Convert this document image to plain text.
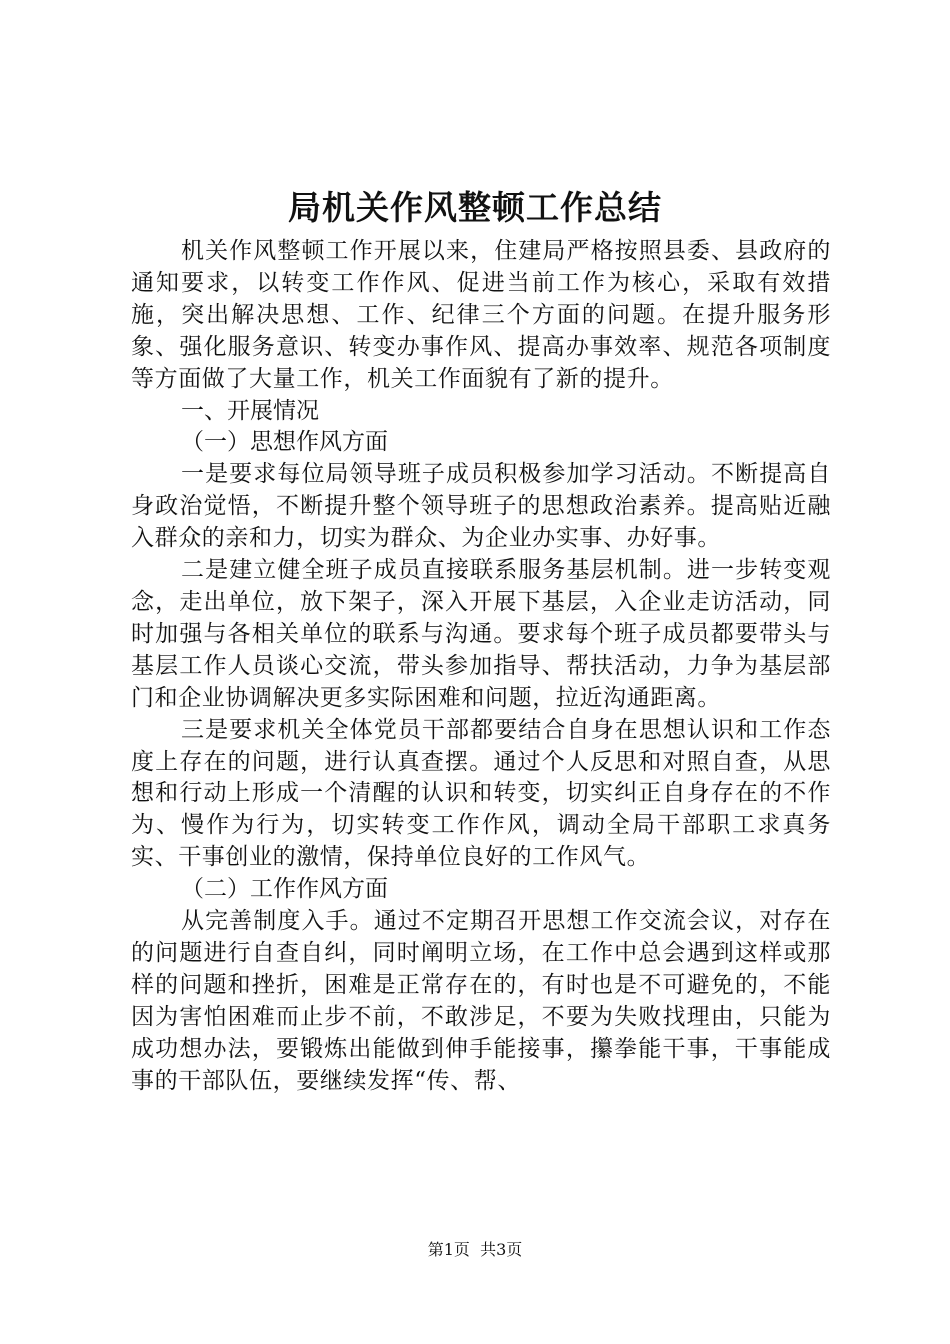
局机关作风整顿工作总结

机关作风整顿工作开展以来，住建局严格按照县委、县政府的通知要求，以转变工作作风、促进当前工作为核心，采取有效措施，突出解决思想、工作、纪律三个方面的问题。在提升服务形象、强化服务意识、转变办事作风、提高办事效率、规范各项制度等方面做了大量工作，机关工作面貌有了新的提升。

一、开展情况

（一）思想作风方面

一是要求每位局领导班子成员积极参加学习活动。不断提高自身政治觉悟，不断提升整个领导班子的思想政治素养。提高贴近融入群众的亲和力，切实为群众、为企业办实事、办好事。

二是建立健全班子成员直接联系服务基层机制。进一步转变观念，走出单位，放下架子，深入开展下基层，入企业走访活动，同时加强与各相关单位的联系与沟通。要求每个班子成员都要带头与基层工作人员谈心交流，带头参加指导、帮扶活动，力争为基层部门和企业协调解决更多实际困难和问题，拉近沟通距离。

三是要求机关全体党员干部都要结合自身在思想认识和工作态度上存在的问题，进行认真查摆。通过个人反思和对照自查，从思想和行动上形成一个清醒的认识和转变，切实纠正自身存在的不作为、慢作为行为，切实转变工作作风，调动全局干部职工求真务实、干事创业的激情，保持单位良好的工作风气。

（二）工作作风方面

从完善制度入手。通过不定期召开思想工作交流会议，对存在的问题进行自查自纠，同时阐明立场，在工作中总会遇到这样或那样的问题和挫折，困难是正常存在的，有时也是不可避免的，不能因为害怕困难而止步不前，不敢涉足，不要为失败找理由，只能为成功想办法，要锻炼出能做到伸手能接事，攥拳能干事，干事能成事的干部队伍，要继续发挥“传、帮、

第1页 共3页
